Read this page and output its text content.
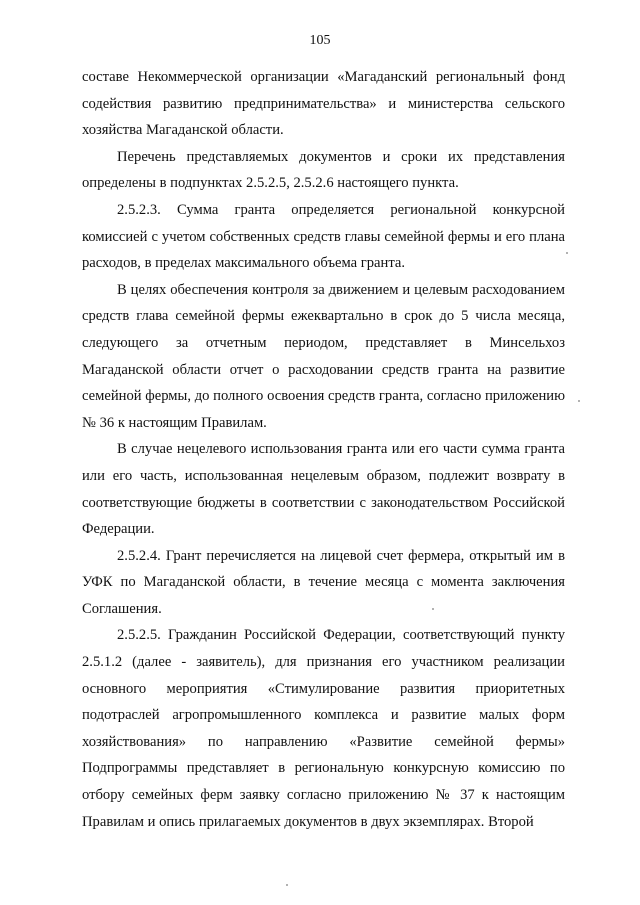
105

составе Некоммерческой организации «Магаданский региональный фонд содействия развитию предпринимательства» и министерства сельского хозяйства Магаданской области.

Перечень представляемых документов и сроки их представления определены в подпунктах 2.5.2.5, 2.5.2.6 настоящего пункта.

2.5.2.3. Сумма гранта определяется региональной конкурсной комиссией с учетом собственных средств главы семейной фермы и его плана расходов, в пределах максимального объема гранта.

В целях обеспечения контроля за движением и целевым расходованием средств глава семейной фермы ежеквартально в срок до 5 числа месяца, следующего за отчетным периодом, представляет в Минсельхоз Магаданской области отчет о расходовании средств гранта на развитие семейной фермы, до полного освоения средств гранта, согласно приложению № 36 к настоящим Правилам.

В случае нецелевого использования гранта или его части сумма гранта или его часть, использованная нецелевым образом, подлежит возврату в соответствующие бюджеты в соответствии с законодательством Российской Федерации.

2.5.2.4. Грант перечисляется на лицевой счет фермера, открытый им в УФК по Магаданской области, в течение месяца с момента заключения Соглашения.

2.5.2.5. Гражданин Российской Федерации, соответствующий пункту 2.5.1.2 (далее - заявитель), для признания его участником реализации основного мероприятия «Стимулирование развития приоритетных подотраслей агропромышленного комплекса и развитие малых форм хозяйствования» по направлению «Развитие семейной фермы» Подпрограммы представляет в региональную конкурсную комиссию по отбору семейных ферм заявку согласно приложению № 37 к настоящим Правилам и опись прилагаемых документов в двух экземплярах. Второй
